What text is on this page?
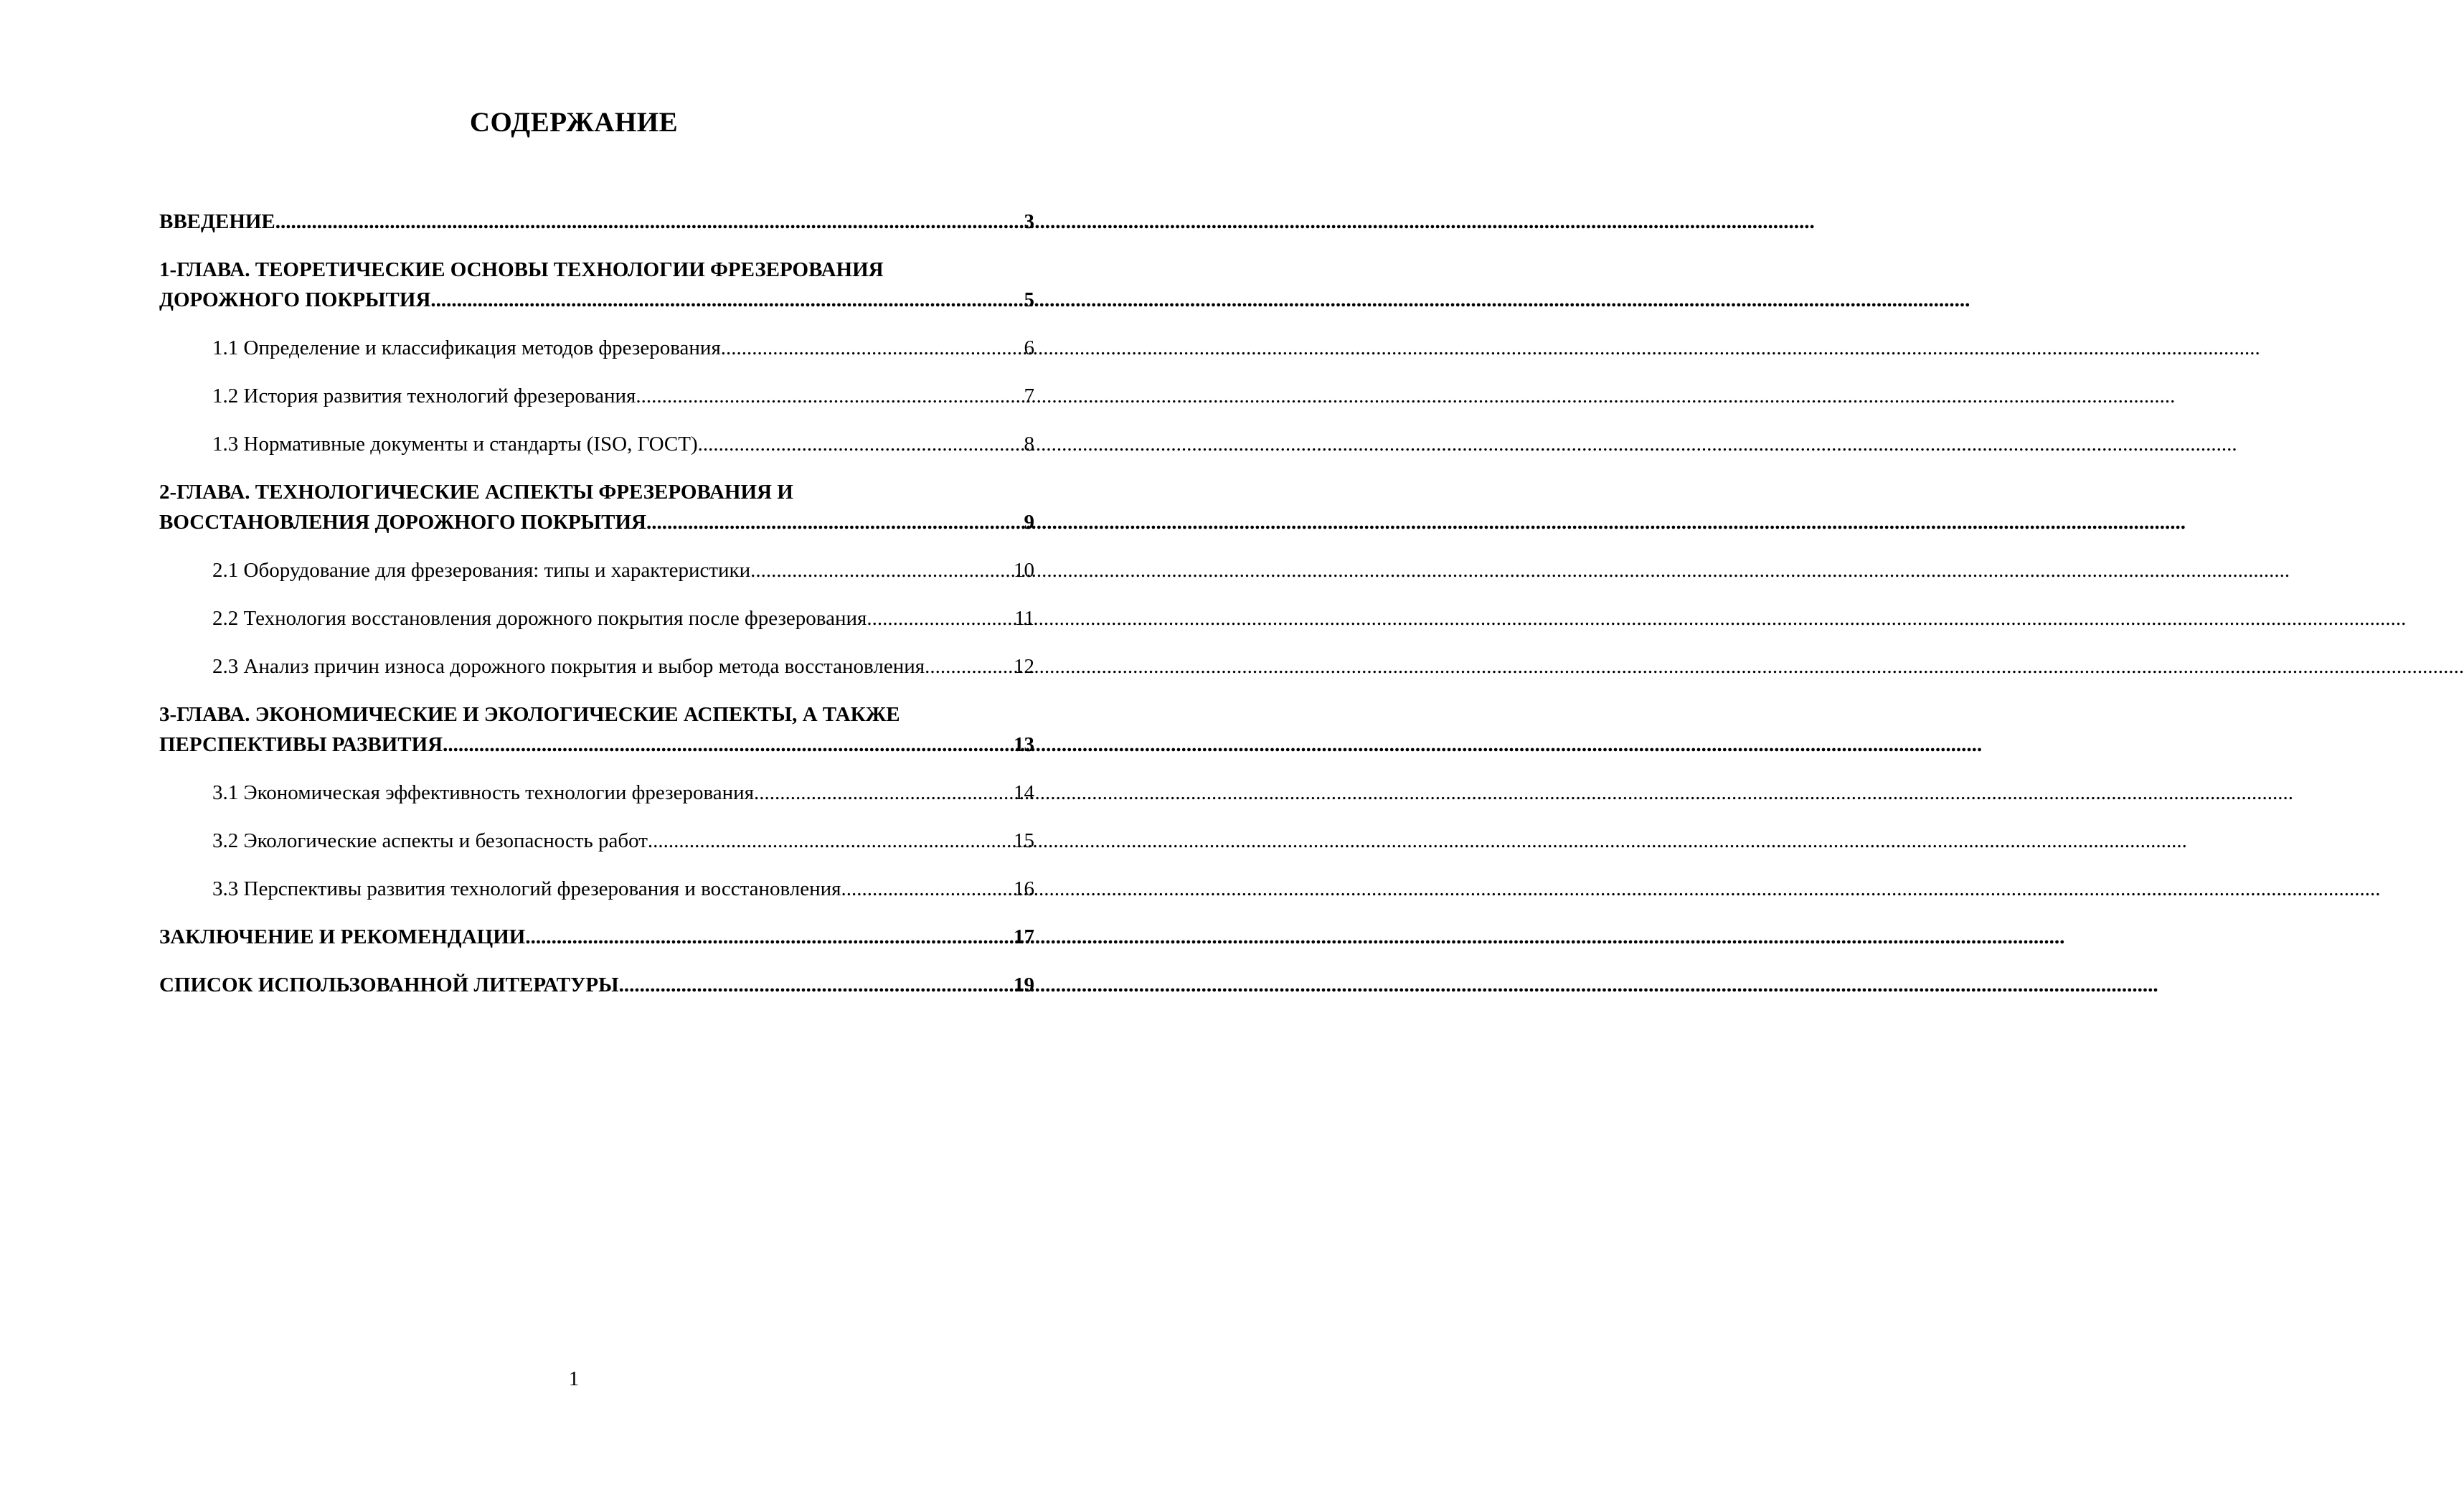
СОДЕРЖАНИЕ
ВВЕДЕНИЕ .....	3
1-ГЛАВА. ТЕОРЕТИЧЕСКИЕ ОСНОВЫ ТЕХНОЛОГИИ ФРЕЗЕРОВАНИЯ
ДОРОЖНОГО ПОКРЫТИЯ .....	5
1.1 Определение и классификация методов фрезерования .....	6
1.2 История развития технологий фрезерования .....	7
1.3 Нормативные документы и стандарты (ISO, ГОСТ) .....	8
2-ГЛАВА. ТЕХНОЛОГИЧЕСКИЕ АСПЕКТЫ ФРЕЗЕРОВАНИЯ И
ВОССТАНОВЛЕНИЯ ДОРОЖНОГО ПОКРЫТИЯ .....	9
2.1 Оборудование для фрезерования: типы и характеристики .....	10
2.2 Технология восстановления дорожного покрытия после фрезерования .....	11
2.3 Анализ причин износа дорожного покрытия и выбор метода восстановления .....	12
3-ГЛАВА. ЭКОНОМИЧЕСКИЕ И ЭКОЛОГИЧЕСКИЕ АСПЕКТЫ, А ТАКЖЕ
ПЕРСПЕКТИВЫ РАЗВИТИЯ .....	13
3.1 Экономическая эффективность технологии фрезерования .....	14
3.2 Экологические аспекты и безопасность работ .....	15
3.3 Перспективы развития технологий фрезерования и восстановления .....	16
ЗАКЛЮЧЕНИЕ И РЕКОМЕНДАЦИИ .....	17
СПИСОК ИСПОЛЬЗОВАННОЙ ЛИТЕРАТУРЫ .....	19
1
